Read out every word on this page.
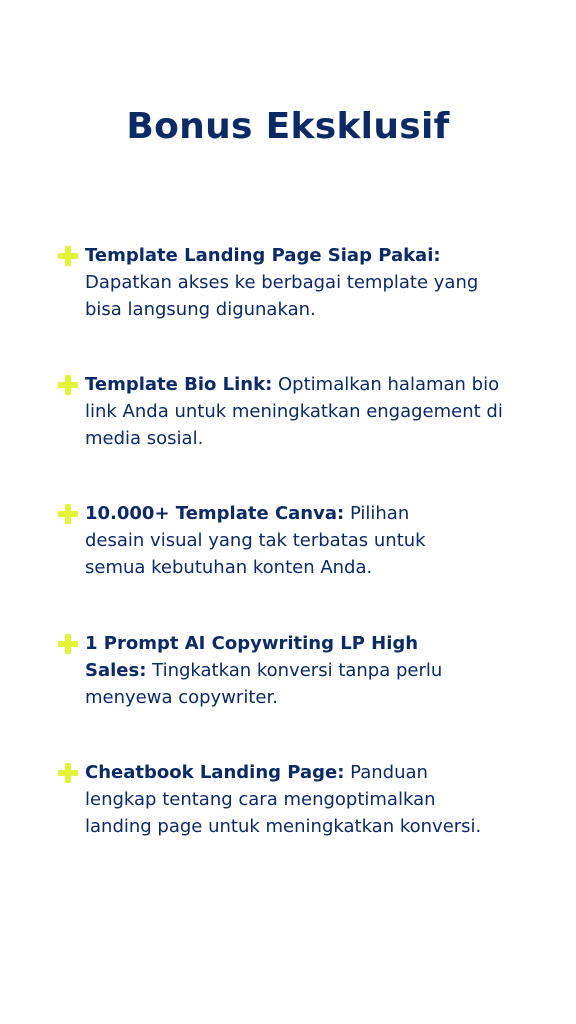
Bonus Eksklusif

Template Landing Page Siap Pakai: Dapatkan akses ke berbagai template yang bisa langsung digunakan.

Template Bio Link: Optimalkan halaman bio link Anda untuk meningkatkan engagement di media sosial.

10.000+ Template Canva: Pilihan desain visual yang tak terbatas untuk semua kebutuhan konten Anda.

1 Prompt AI Copywriting LP High Sales: Tingkatkan konversi tanpa perlu menyewa copywriter.

Cheatbook Landing Page: Panduan lengkap tentang cara mengoptimalkan landing page untuk meningkatkan konversi.
